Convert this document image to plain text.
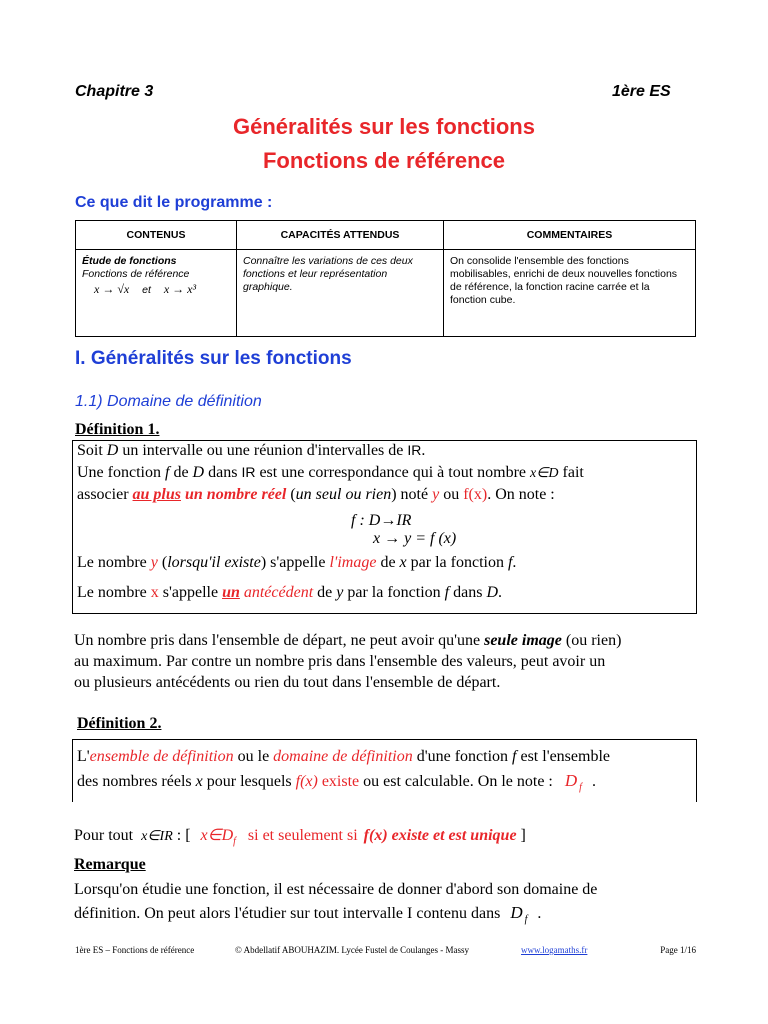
Chapitre 3	1ère ES
Généralités sur les fonctions
Fonctions de référence
Ce que dit le programme :
CONTENUS	CAPACITÉS ATTENDUS	COMMENTAIRES

Étude de fonctions
Fonctions de référence
x → √x et x → x³	Connaître les variations de ces deux fonctions et leur représentation graphique.	On consolide l'ensemble des fonctions mobilisables, enrichi de deux nouvelles fonctions de référence, la fonction racine carrée et la fonction cube.
I. Généralités sur les fonctions
1.1) Domaine de définition
Définition 1.
Soit D un intervalle ou une réunion d'intervalles de IR.
Une fonction f de D dans IR est une correspondance qui à tout nombre x∈D fait
associer au plus un nombre réel (un seul ou rien) noté y ou f(x). On note :
f : D→IR
x → y = f (x)
Le nombre y (lorsqu'il existe) s'appelle l'image de x par la fonction f.
Le nombre x s'appelle un antécédent de y par la fonction f dans D.
Un nombre pris dans l'ensemble de départ, ne peut avoir qu'une seule image (ou rien)
au maximum. Par contre un nombre pris dans l'ensemble des valeurs, peut avoir un
ou plusieurs antécédents ou rien du tout dans l'ensemble de départ.
Définition 2.
L'ensemble de définition ou le domaine de définition d'une fonction f est l'ensemble
des nombres réels x pour lesquels f(x) existe ou est calculable. On le note : D $_f$ .
Pour tout x∈IR : [ $x\in D_f$ si et seulement si f(x) existe et est unique ]
Remarque
Lorsqu'on étudie une fonction, il est nécessaire de donner d'abord son domaine de
définition. On peut alors l'étudier sur tout intervalle I contenu dans D $_f$ .
1ère ES – Fonctions de référence	© Abdellatif ABOUHAZIM. Lycée Fustel de Coulanges - Massy	www.logamaths.fr	Page 1/16
